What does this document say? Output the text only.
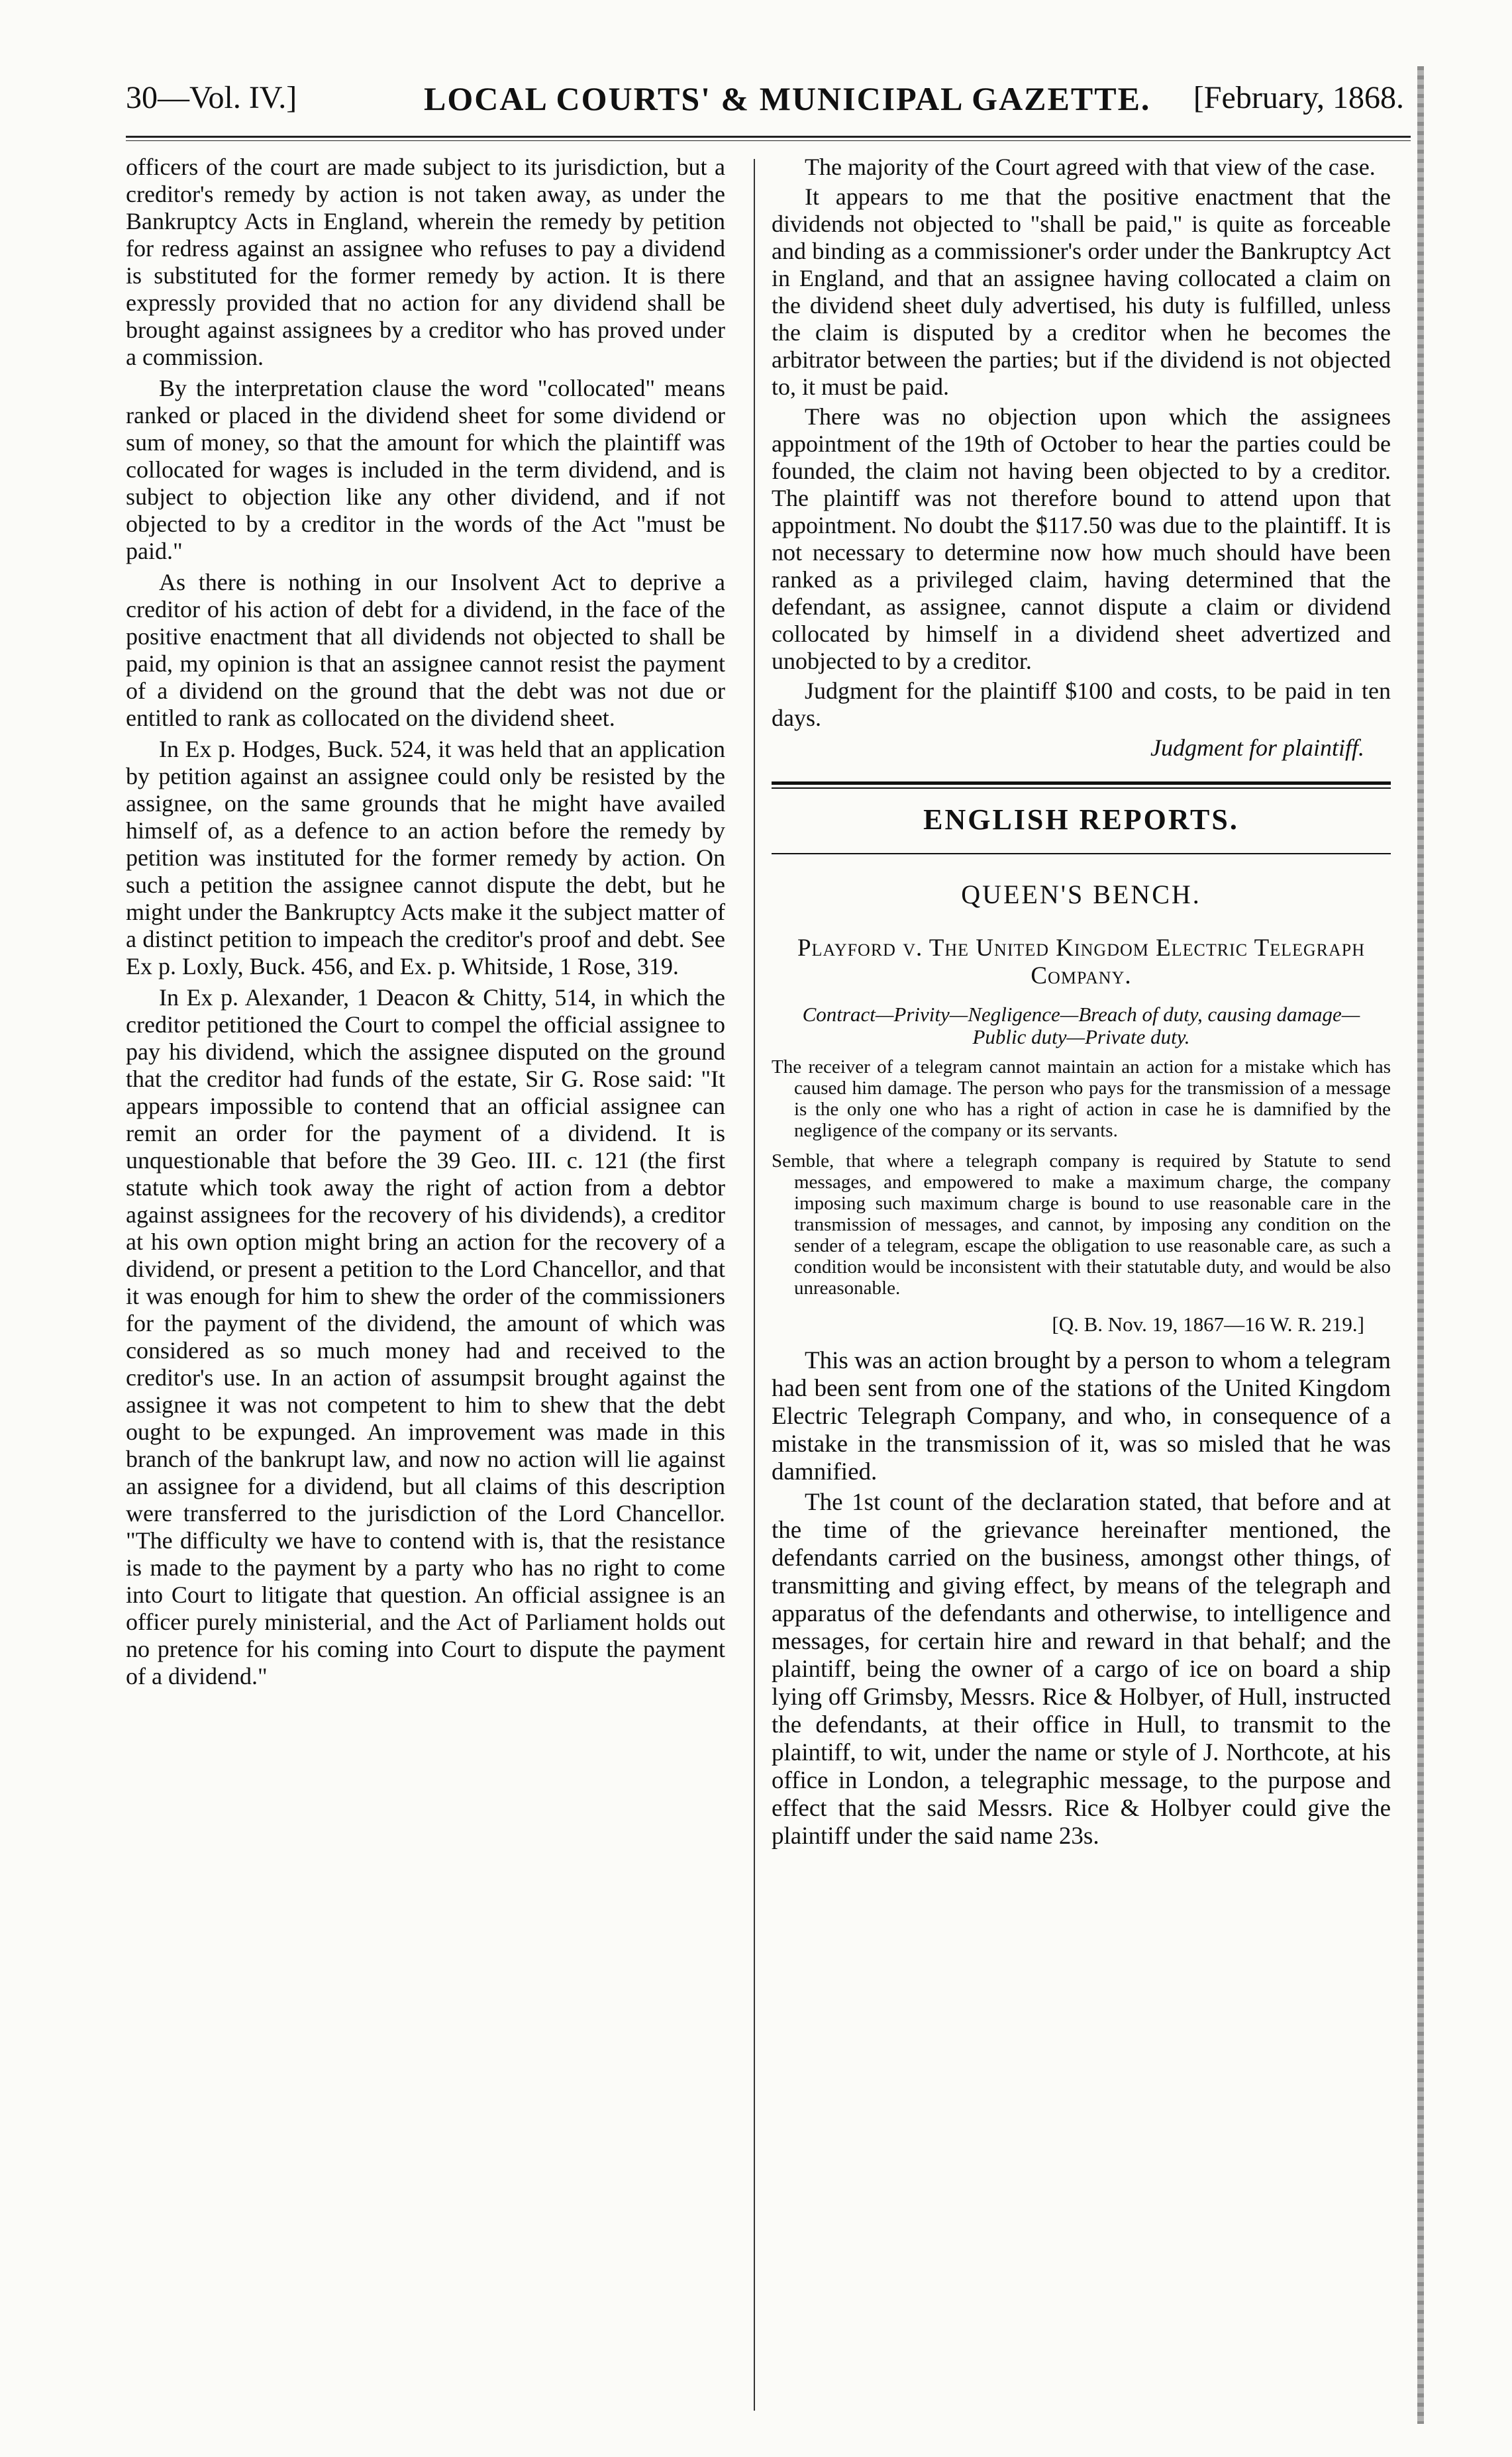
30—Vol. IV.]	LOCAL COURTS' & MUNICIPAL GAZETTE. [February, 1868.

officers of the court are made subject to its jurisdiction, but a creditor's remedy by action is not taken away, as under the Bankruptcy Acts in England, wherein the remedy by petition for redress against an assignee who refuses to pay a dividend is substituted for the former remedy by action. It is there expressly provided that no action for any dividend shall be brought against assignees by a creditor who has proved under a commission.

By the interpretation clause the word "collocated" means ranked or placed in the dividend sheet for some dividend or sum of money, so that the amount for which the plaintiff was collocated for wages is included in the term dividend, and is subject to objection like any other dividend, and if not objected to by a creditor in the words of the Act "must be paid."

As there is nothing in our Insolvent Act to deprive a creditor of his action of debt for a dividend, in the face of the positive enactment that all dividends not objected to shall be paid, my opinion is that an assignee cannot resist the payment of a dividend on the ground that the debt was not due or entitled to rank as collocated on the dividend sheet.

In Ex p. Hodges, Buck. 524, it was held that an application by petition against an assignee could only be resisted by the assignee, on the same grounds that he might have availed himself of, as a defence to an action before the remedy by petition was instituted for the former remedy by action. On such a petition the assignee cannot dispute the debt, but he might under the Bankruptcy Acts make it the subject matter of a distinct petition to impeach the creditor's proof and debt. See Ex p. Loxly, Buck. 456, and Ex. p. Whitside, 1 Rose, 319.

In Ex p. Alexander, 1 Deacon & Chitty, 514, in which the creditor petitioned the Court to compel the official assignee to pay his dividend, which the assignee disputed on the ground that the creditor had funds of the estate, Sir G. Rose said: "It appears impossible to contend that an official assignee can remit an order for the payment of a dividend. It is unquestionable that before the 39 Geo. III. c. 121 (the first statute which took away the right of action from a debtor against assignees for the recovery of his dividends), a creditor at his own option might bring an action for the recovery of a dividend, or present a petition to the Lord Chancellor, and that it was enough for him to shew the order of the commissioners for the payment of the dividend, the amount of which was considered as so much money had and received to the creditor's use. In an action of assumpsit brought against the assignee it was not competent to him to shew that the debt ought to be expunged. An improvement was made in this branch of the bankrupt law, and now no action will lie against an assignee for a dividend, but all claims of this description were transferred to the jurisdiction of the Lord Chancellor. "The difficulty we have to contend with is, that the resistance is made to the payment by a party who has no right to come into Court to litigate that question. An official assignee is an officer purely ministerial, and the Act of Parliament holds out no pretence for his coming into Court to dispute the payment of a dividend."

The majority of the Court agreed with that view of the case.

It appears to me that the positive enactment that the dividends not objected to "shall be paid," is quite as forceable and binding as a commissioner's order under the Bankruptcy Act in England, and that an assignee having collocated a claim on the dividend sheet duly advertised, his duty is fulfilled, unless the claim is disputed by a creditor when he becomes the arbitrator between the parties; but if the dividend is not objected to, it must be paid.

There was no objection upon which the assignees appointment of the 19th of October to hear the parties could be founded, the claim not having been objected to by a creditor. The plaintiff was not therefore bound to attend upon that appointment. No doubt the $117.50 was due to the plaintiff. It is not necessary to determine now how much should have been ranked as a privileged claim, having determined that the defendant, as assignee, cannot dispute a claim or dividend collocated by himself in a dividend sheet advertized and unobjected to by a creditor.

Judgment for the plaintiff $100 and costs, to be paid in ten days.

Judgment for plaintiff.
ENGLISH REPORTS.
QUEEN'S BENCH.
Playford v. The United Kingdom Electric Telegraph Company.
Contract—Privity—Negligence—Breach of duty, causing damage—Public duty—Private duty.
The receiver of a telegram cannot maintain an action for a mistake which has caused him damage. The person who pays for the transmission of a message is the only one who has a right of action in case he is damnified by the negligence of the company or its servants.
Semble, that where a telegraph company is required by Statute to send messages, and empowered to make a maximum charge, the company imposing such maximum charge is bound to use reasonable care in the transmission of messages, and cannot, by imposing any condition on the sender of a telegram, escape the obligation to use reasonable care, as such a condition would be inconsistent with their statutable duty, and would be also unreasonable.
[Q. B. Nov. 19, 1867—16 W. R. 219.]

This was an action brought by a person to whom a telegram had been sent from one of the stations of the United Kingdom Electric Telegraph Company, and who, in consequence of a mistake in the transmission of it, was so misled that he was damnified.

The 1st count of the declaration stated, that before and at the time of the grievance hereinafter mentioned, the defendants carried on the business, amongst other things, of transmitting and giving effect, by means of the telegraph and apparatus of the defendants and otherwise, to intelligence and messages, for certain hire and reward in that behalf; and the plaintiff, being the owner of a cargo of ice on board a ship lying off Grimsby, Messrs. Rice & Holbyer, of Hull, instructed the defendants, at their office in Hull, to transmit to the plaintiff, to wit, under the name or style of J. Northcote, at his office in London, a telegraphic message, to the purpose and effect that the said Messrs. Rice & Holbyer could give the plaintiff under the said name 23s.
